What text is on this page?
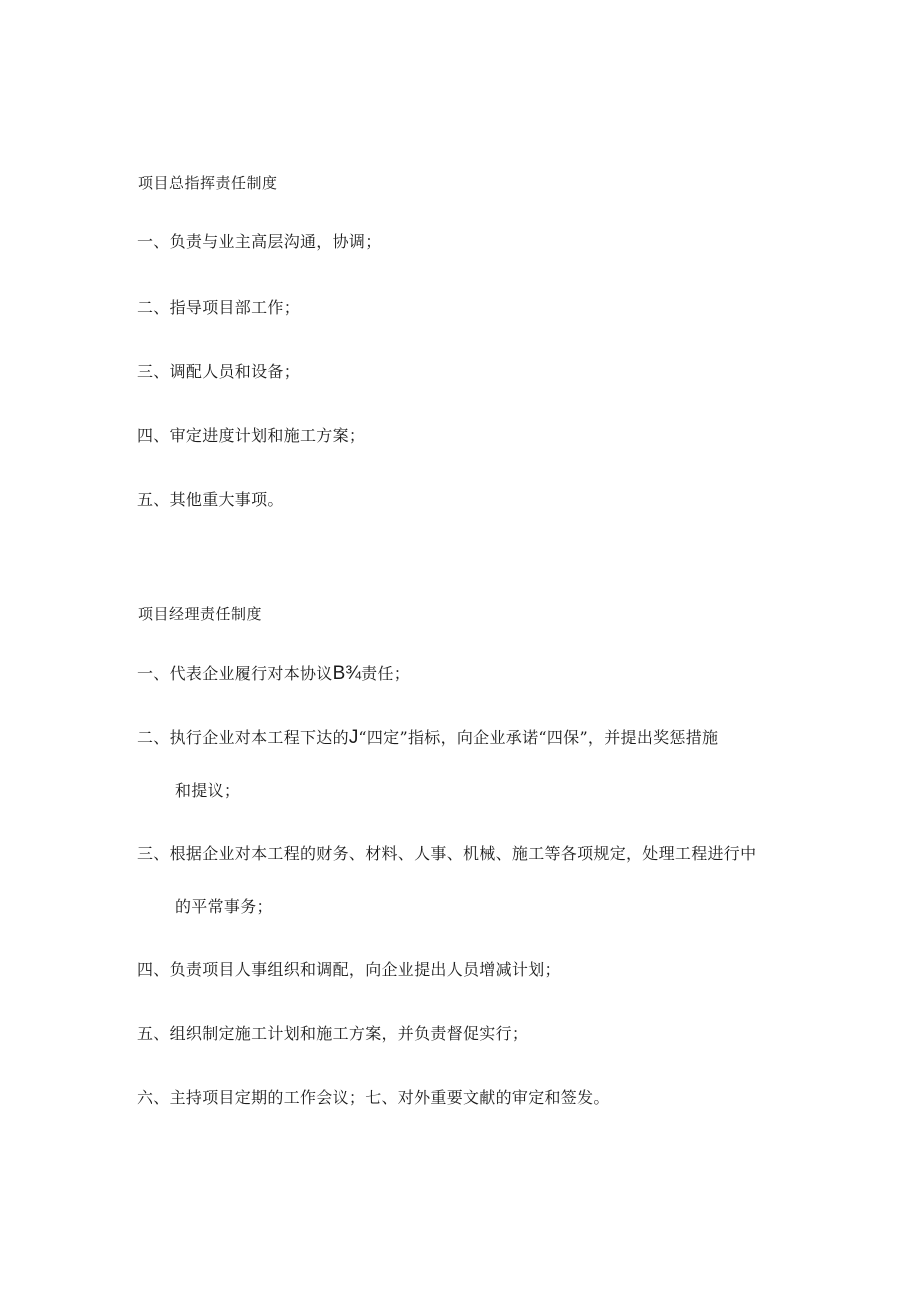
项目总指挥责任制度
一、负责与业主高层沟通，协调；
二、指导项目部工作；
三、调配人员和设备；
四、审定进度计划和施工方案；
五、其他重大事项。
项目经理责任制度
一、代表企业履行对本协议B¾责任；
二、执行企业对本工程下达的J“四定”指标，向企业承诺“四保”，并提出奖惩措施
和提议；
三、根据企业对本工程的财务、材料、人事、机械、施工等各项规定，处理工程进行中
的平常事务；
四、负责项目人事组织和调配，向企业提出人员增减计划；
五、组织制定施工计划和施工方案，并负责督促实行；
六、主持项目定期的工作会议；七、对外重要文献的审定和签发。
